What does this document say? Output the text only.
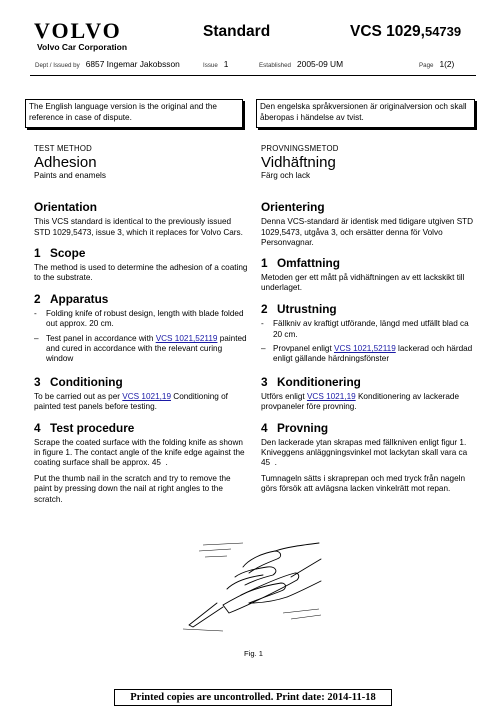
VOLVO
Volvo Car Corporation
Standard	VCS 1029,54739
Dept / Issued by 6857 Ingemar Jakobsson	Issue 1	Established 2005-09 UM	Page 1(2)
The English language version is the original and the reference in case of dispute.
Den engelska språkversionen är originalversion och skall åberopas i händelse av tvist.
TEST METHOD
Adhesion
Paints and enamels
Orientation

This VCS standard is identical to the previously issued STD 1029,5473, issue 3, which it replaces for Volvo Cars.

1 Scope

The method is used to determine the adhesion of a coating to the substrate.

2 Apparatus
- Folding knife of robust design, length with blade folded out approx. 20 cm.
– Test panel in accordance with VCS 1021,52119 painted and cured in accordance with the relevant curing window
3 Conditioning

To be carried out as per VCS 1021,19 Conditioning of painted test panels before testing.

4 Test procedure

Scrape the coated surface with the folding knife as shown in figure 1. The contact angle of the knife edge against the coating surface shall be approx. 45  .

Put the thumb nail in the scratch and try to remove the paint by pressing down the nail at right angles to the scratch.

PROVNINGSMETOD
Vidhäftning
Färg och lack
Orientering

Denna VCS-standard är identisk med tidigare utgiven STD 1029,5473, utgåva 3, och ersätter denna för Volvo Personvagnar.

1 Omfattning

Metoden ger ett mått på vidhäftningen av ett lackskikt till underlaget.

2 Utrustning
- Fällkniv av kraftigt utförande, längd med utfällt blad ca 20 cm.
– Provpanel enligt VCS 1021,52119 lackerad och härdad enligt gällande härdningsfönster
3 Konditionering

Utförs enligt VCS 1021,19 Konditionering av lackerade provpaneler före provning.

4 Provning

Den lackerade ytan skrapas med fällkniven enligt figur 1. Kniveggens anläggningsvinkel mot lackytan skall vara ca 45  .

Tumnageln sätts i skraprepan och med tryck från nageln görs försök att avlägsna lacken vinkelrätt mot repan.

Fig. 1
Printed copies are uncontrolled. Print date: 2014-11-18
